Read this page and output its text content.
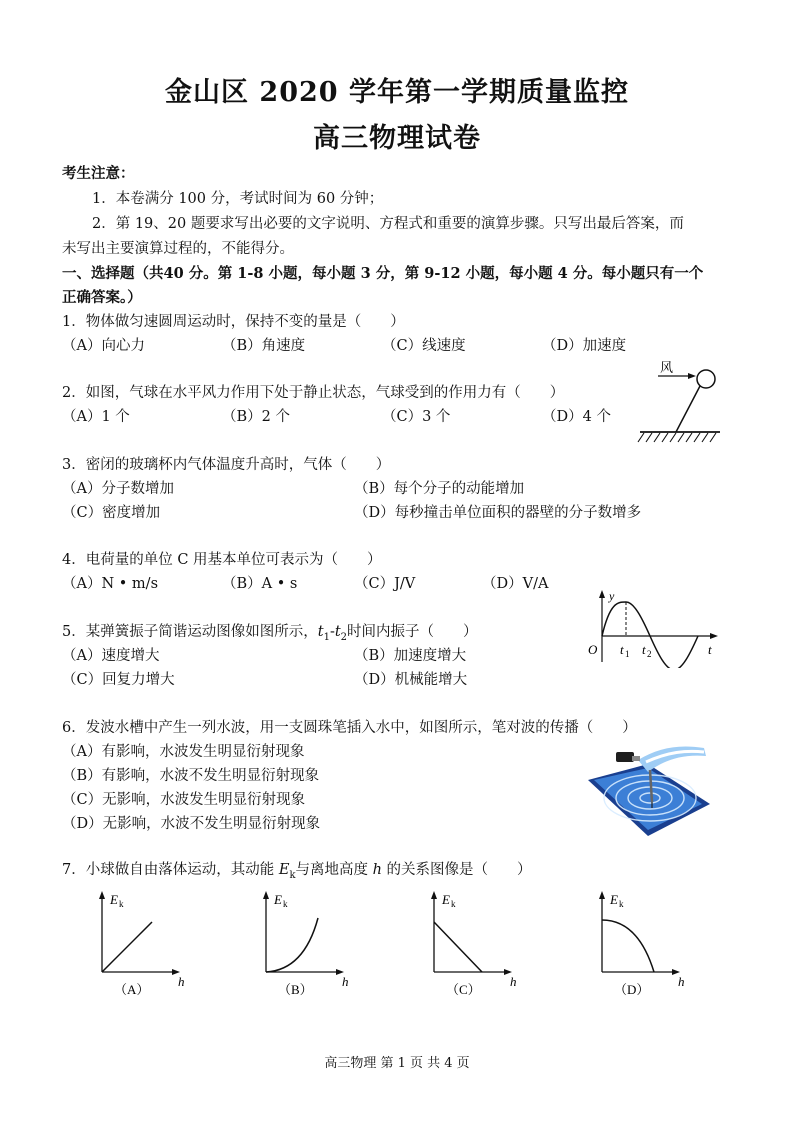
金山区 2020 学年第一学期质量监控
高三物理试卷
考生注意：
1．本卷满分 100 分，考试时间为 60 分钟；
2．第 19、20 题要求写出必要的文字说明、方程式和重要的演算步骤。只写出最后答案，而
未写出主要演算过程的，不能得分。
一、选择题（共40 分。第 1-8 小题，每小题 3 分，第 9-12 小题，每小题 4 分。每小题只有一个
正确答案。）
1．物体做匀速圆周运动时，保持不变的量是（　　）
（A）向心力	（B）角速度	（C）线速度	（D）加速度
2．如图，气球在水平风力作用下处于静止状态，气球受到的作用力有（　　）
（A）1 个	（B）2 个	（C）3 个	（D）4 个
风
3．密闭的玻璃杯内气体温度升高时，气体（　　）
（A）分子数增加	（B）每个分子的动能增加
（C）密度增加	（D）每秒撞击单位面积的器壁的分子数增多
4．电荷量的单位 C 用基本单位可表示为（　　）
（A）N • m/s	（B）A • s	（C）J/V	（D）V/A
5．某弹簧振子简谐运动图像如图所示，$t_1-t_2$时间内振子（　　）
（A）速度增大	（B）加速度增大
（C）回复力增大	（D）机械能增大
y
t
O t 1 t 2
6．发波水槽中产生一列水波，用一支圆珠笔插入水中，如图所示，笔对波的传播（　　）
（A）有影响，水波发生明显衍射现象
（B）有影响，水波不发生明显衍射现象
（C）无影响，水波发生明显衍射现象
（D）无影响，水波不发生明显衍射现象
7．小球做自由落体运动，其动能 $E_k$与离地高度 h 的关系图像是（　　）
E k
h
（A）
E k
h
（B）
E k
h
（C）
E k
h
（D）
高三物理 第 1 页 共 4 页
